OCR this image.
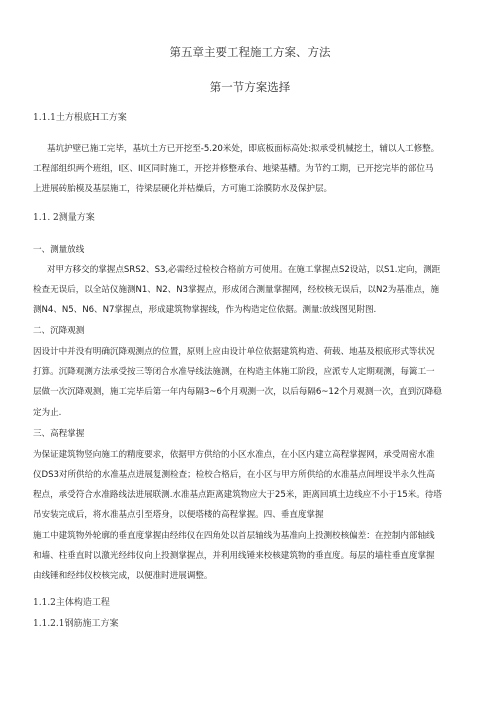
第五章主要工程施工方案、方法
第一节方案选择
1.1.1土方根底H工方案
基坑护壁已施工完毕，基坑土方已开挖至-5.20米处，即底板面标高处:拟承受机械挖土，辅以人工修整。
工程部组织两个班组，I区、II区同时施工，开挖并修整承台、地梁基槽。为节约工期，已开挖完毕的部位马
上进展砖胎模及基层施工，待梁层硬化并枯燥后，方可施工涂膜防水及保护层。
1.1. 2测量方案
一、测量放线
对甲方移交的掌握点SRS2、S3,必需经过检校合格前方可使用。在施工掌握点S2设站，以S1.定向，测距
检查无误后，以全站仪施测N1、N2、N3掌握点，形成闭合测量掌握网，经校核无误后，以N2为基准点，施
测N4、N5、N6、N7掌握点，形成建筑物掌握线，作为构造定位依据。测量:放线图见附图.
二、沉降观测
因设计中并没有明确沉降观测点的位置，原则上应由设计单位依据建筑构造、荷载、地基及根底形式等状况
打算。沉降观测方法承受按三等闭合水准导线法施测，在构造主体施工阶段，应派专人定期观测，每篱工一
层做一次沉降观测，施工完毕后第一年内每隔3~6个月观测一次，以后每隔6~12个月观测一次，直到沉降稳
定为止.
三、高程掌握
为保证建筑物竖向施工的精度要求，依据甲方供给的小区水准点，在小区内建立高程掌握网，承受周密水准
仪DS3对所供给的水准基点进展复测检查；检校合格后，在小区与甲方所供给的水准基点间埋设半永久性高
程点，承受符合水准路线法进展联测.水准基点距离建筑物应大于25米，距离回填土边线应不小于15米。待塔
吊安装完成后，将水准基点引至塔身，以便塔楼的高程掌握。四、垂直度掌握
施工中建筑物外轮廓的垂直度掌握由经纬仪在四角处以首层轴线为基准向上投测校核偏差：在控制内部轴线
和墙、柱垂直时以激光经纬仪向上投测掌握点，并利用线锤来校核建筑物的垂直度。每层的墙柱垂直度掌握
由线锤和经纬仪校核完成，以便准时进展调整。
1.1.2主体构造工程
1.1.2.1钢筋施工方案
